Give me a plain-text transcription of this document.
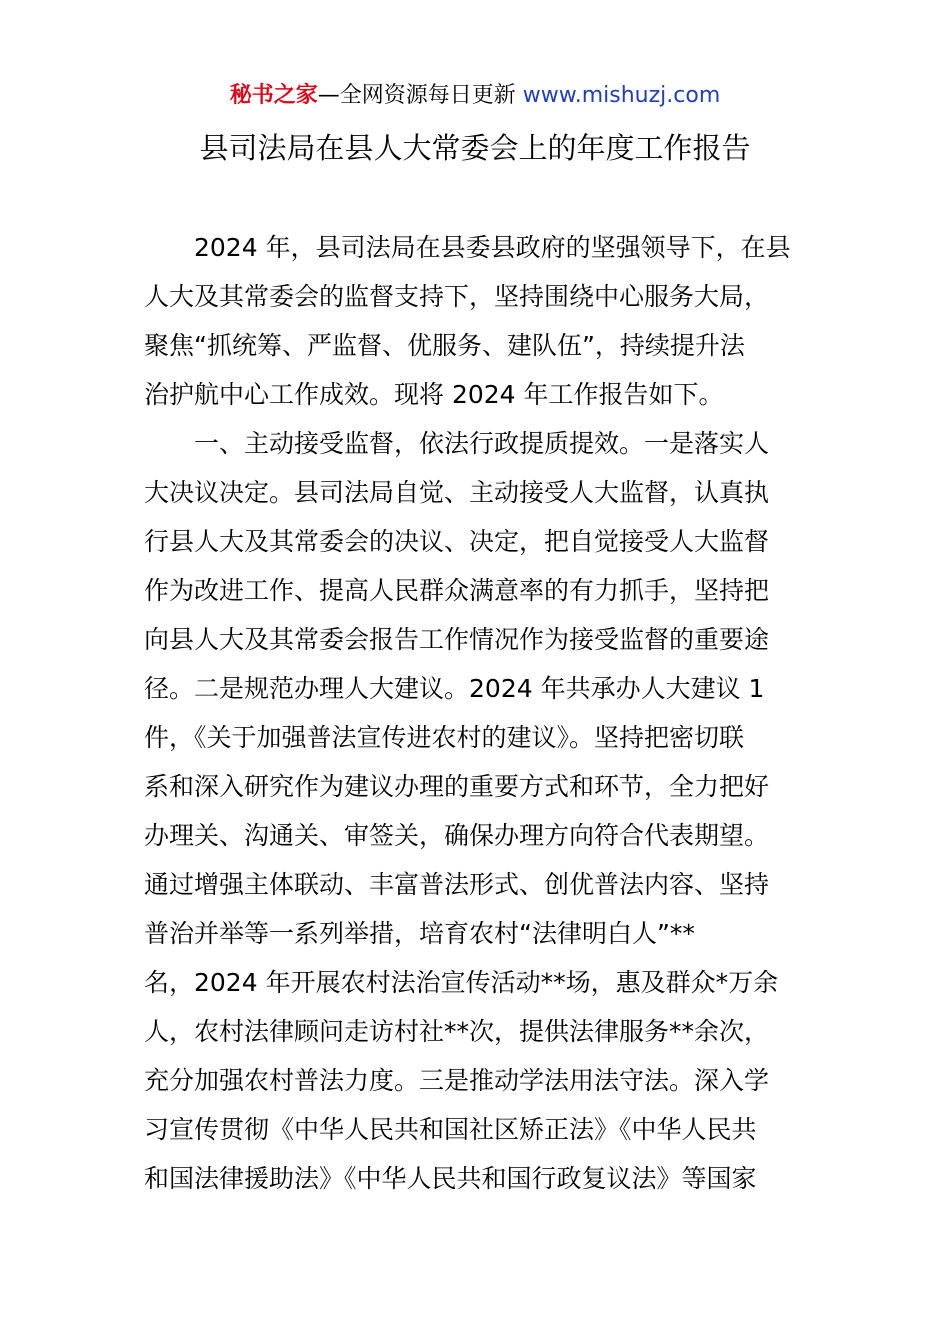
秘书之家—全网资源每日更新 www.mishuzj.com
县司法局在县人大常委会上的年度工作报告
　　2024 年，县司法局在县委县政府的坚强领导下，在县
人大及其常委会的监督支持下，坚持围绕中心服务大局，
聚焦“抓统筹、严监督、优服务、建队伍”，持续提升法
治护航中心工作成效。现将 2024 年工作报告如下。
　　一、主动接受监督，依法行政提质提效。一是落实人
大决议决定。县司法局自觉、主动接受人大监督，认真执
行县人大及其常委会的决议、决定，把自觉接受人大监督
作为改进工作、提高人民群众满意率的有力抓手，坚持把
向县人大及其常委会报告工作情况作为接受监督的重要途
径。二是规范办理人大建议。2024 年共承办人大建议 1
件，《关于加强普法宣传进农村的建议》。坚持把密切联
系和深入研究作为建议办理的重要方式和环节，全力把好
办理关、沟通关、审签关，确保办理方向符合代表期望。
通过增强主体联动、丰富普法形式、创优普法内容、坚持
普治并举等一系列举措，培育农村“法律明白人”**
名，2024 年开展农村法治宣传活动**场，惠及群众*万余
人，农村法律顾问走访村社**次，提供法律服务**余次，
充分加强农村普法力度。三是推动学法用法守法。深入学
习宣传贯彻《中华人民共和国社区矫正法》《中华人民共
和国法律援助法》《中华人民共和国行政复议法》等国家
